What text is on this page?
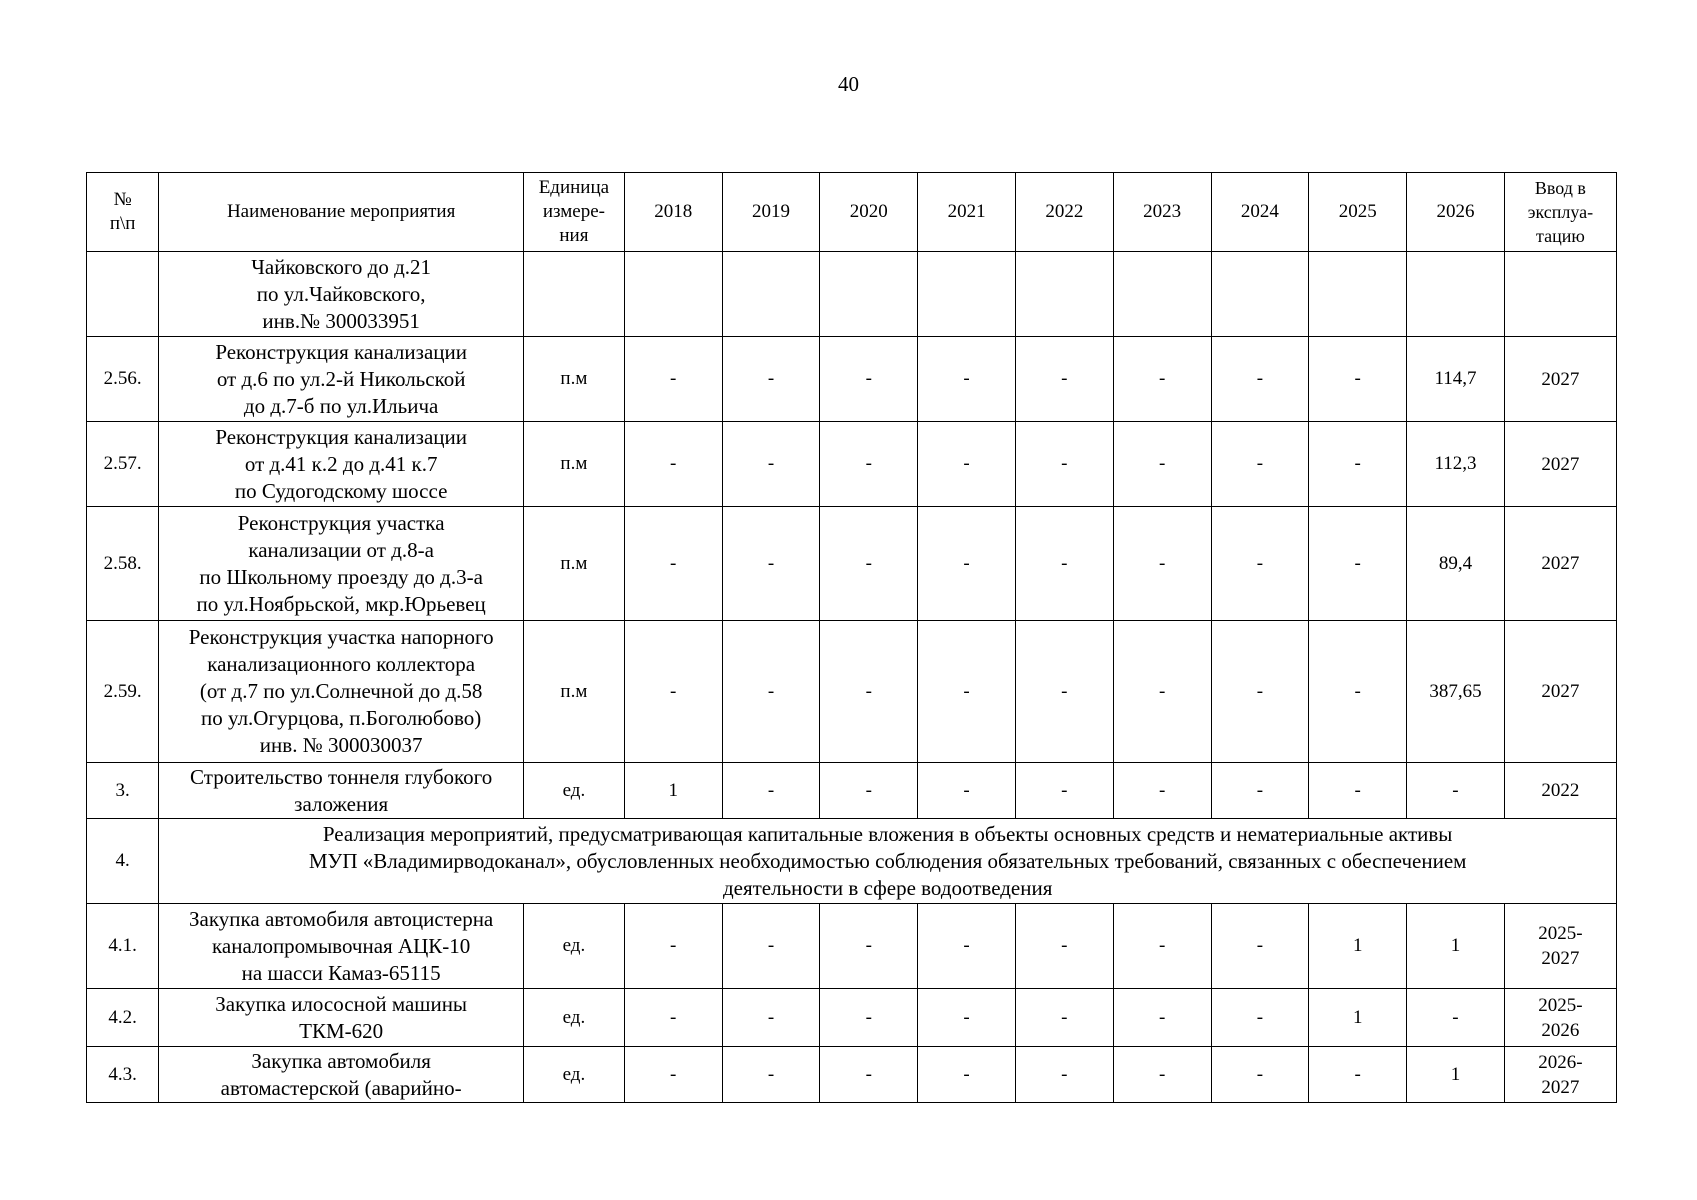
40
№
п\п	Наименование мероприятия	Единица
измере-
ния	2018	2019	2020	2021	2022	2023	2024	2025	2026	Ввод в
эксплуа-
тацию

	Чайковского до д.21
по ул.Чайковского,
инв.№ 300033951											

2.56.	Реконструкция канализации
от д.6 по ул.2-й Никольской
до д.7-б по ул.Ильича	п.м	-	-	-	-	-	-	-	-	114,7	2027

2.57.	Реконструкция канализации
от д.41 к.2 до д.41 к.7
по Судогодскому шоссе	п.м	-	-	-	-	-	-	-	-	112,3	2027

2.58.	Реконструкция участка
канализации от д.8-а
по Школьному проезду до д.3-а
по ул.Ноябрьской, мкр.Юрьевец	п.м	-	-	-	-	-	-	-	-	89,4	2027

2.59.	Реконструкция участка напорного
канализационного коллектора
(от д.7 по ул.Солнечной до д.58
по ул.Огурцова, п.Боголюбово)
инв. № 300030037	п.м	-	-	-	-	-	-	-	-	387,65	2027

3.	Строительство тоннеля глубокого
заложения	ед.	1	-	-	-	-	-	-	-	-	2022

4.	Реализация мероприятий, предусматривающая капитальные вложения в объекты основных средств и нематериальные активы
МУП «Владимирводоканал», обусловленных необходимостью соблюдения обязательных требований, связанных с обеспечением
деятельности в сфере водоотведения											

4.1.	Закупка автомобиля автоцистерна
каналопромывочная АЦК-10
на шасси Камаз-65115	ед.	-	-	-	-	-	-	-	1	1	2025-
2027

4.2.	Закупка илососной машины
ТКМ-620	ед.	-	-	-	-	-	-	-	1	-	2025-
2026

4.3.	Закупка автомобиля
автомастерской (аварийно-	ед.	-	-	-	-	-	-	-	-	1	2026-
2027
